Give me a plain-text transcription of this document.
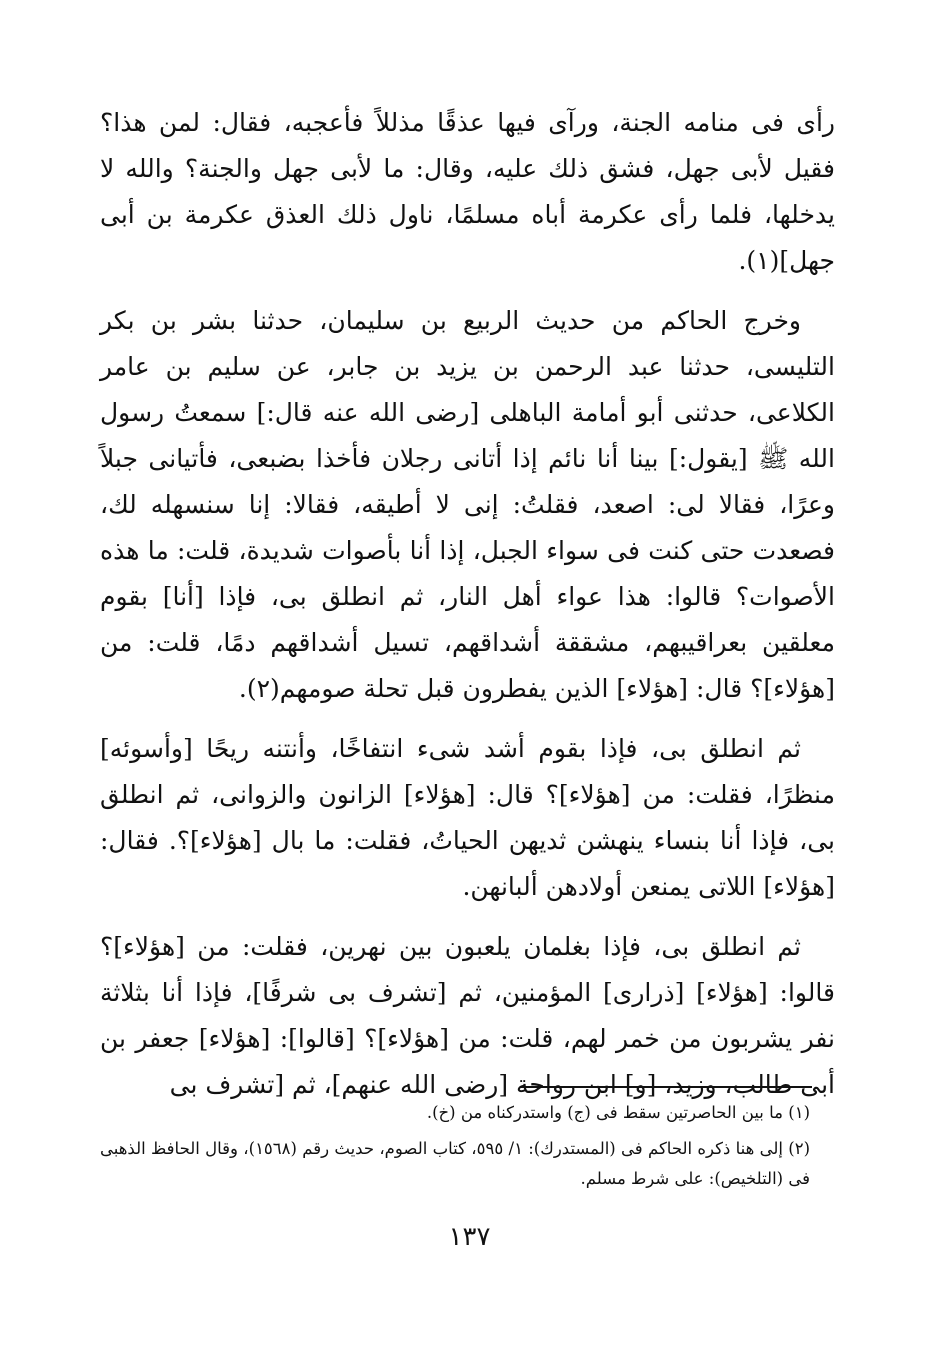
رأى فى منامه الجنة، ورآى فيها عذقًا مذللاً فأعجبه، فقال: لمن هذا؟ فقيل لأبى جهل، فشق ذلك عليه، وقال: ما لأبى جهل والجنة؟ والله لا يدخلها، فلما رأى عكرمة أباه مسلمًا، ناول ذلك العذق عكرمة بن أبى جهل](١).

وخرج الحاكم من حديث الربيع بن سليمان، حدثنا بشر بن بكر التليسى، حدثنا عبد الرحمن بن يزيد بن جابر، عن سليم بن عامر الكلاعى، حدثنى أبو أمامة الباهلى [رضى الله عنه قال:] سمعتُ رسول الله ﷺ [يقول:] بينا أنا نائم إذا أتانى رجلان فأخذا بضبعى، فأتيانى جبلاً وعرًا، فقالا لى: اصعد، فقلتُ: إنى لا أطيقه، فقالا: إنا سنسهله لك، فصعدت حتى كنت فى سواء الجبل، إذا أنا بأصوات شديدة، قلت: ما هذه الأصوات؟ قالوا: هذا عواء أهل النار، ثم انطلق بى، فإذا [أنا] بقوم معلقين بعراقيبهم، مشققة أشداقهم، تسيل أشداقهم دمًا، قلت: من [هؤلاء]؟ قال: [هؤلاء] الذين يفطرون قبل تحلة صومهم(٢).

ثم انطلق بى، فإذا بقوم أشد شىء انتفاخًا، وأنتنه ريحًا [وأسوئه] منظرًا، فقلت: من [هؤلاء]؟ قال: [هؤلاء] الزانون والزوانى، ثم انطلق بى، فإذا أنا بنساء ينهشن ثديهن الحياتُ، فقلت: ما بال [هؤلاء]؟. فقال: [هؤلاء] اللاتى يمنعن أولادهن ألبانهن.

ثم انطلق بى، فإذا بغلمان يلعبون بين نهرين، فقلت: من [هؤلاء]؟ قالوا: [هؤلاء] [ذرارى] المؤمنين، ثم [تشرف بى شرفًا]، فإذا أنا بثلاثة نفر يشربون من خمر لهم، قلت: من [هؤلاء]؟ [قالوا]: [هؤلاء] جعفر بن أبى طالب، وزيد، [و] ابن رواحة [رضى الله عنهم]، ثم [تشرف بى

(١) ما بين الحاصرتين سقط فى (ج) واستدركناه من (خ).

(٢) إلى هنا ذكره الحاكم فى (المستدرك): ١/ ٥٩٥، كتاب الصوم، حديث رقم (١٥٦٨)، وقال الحافظ الذهبى فى (التلخيص): على شرط مسلم.

١٣٧
